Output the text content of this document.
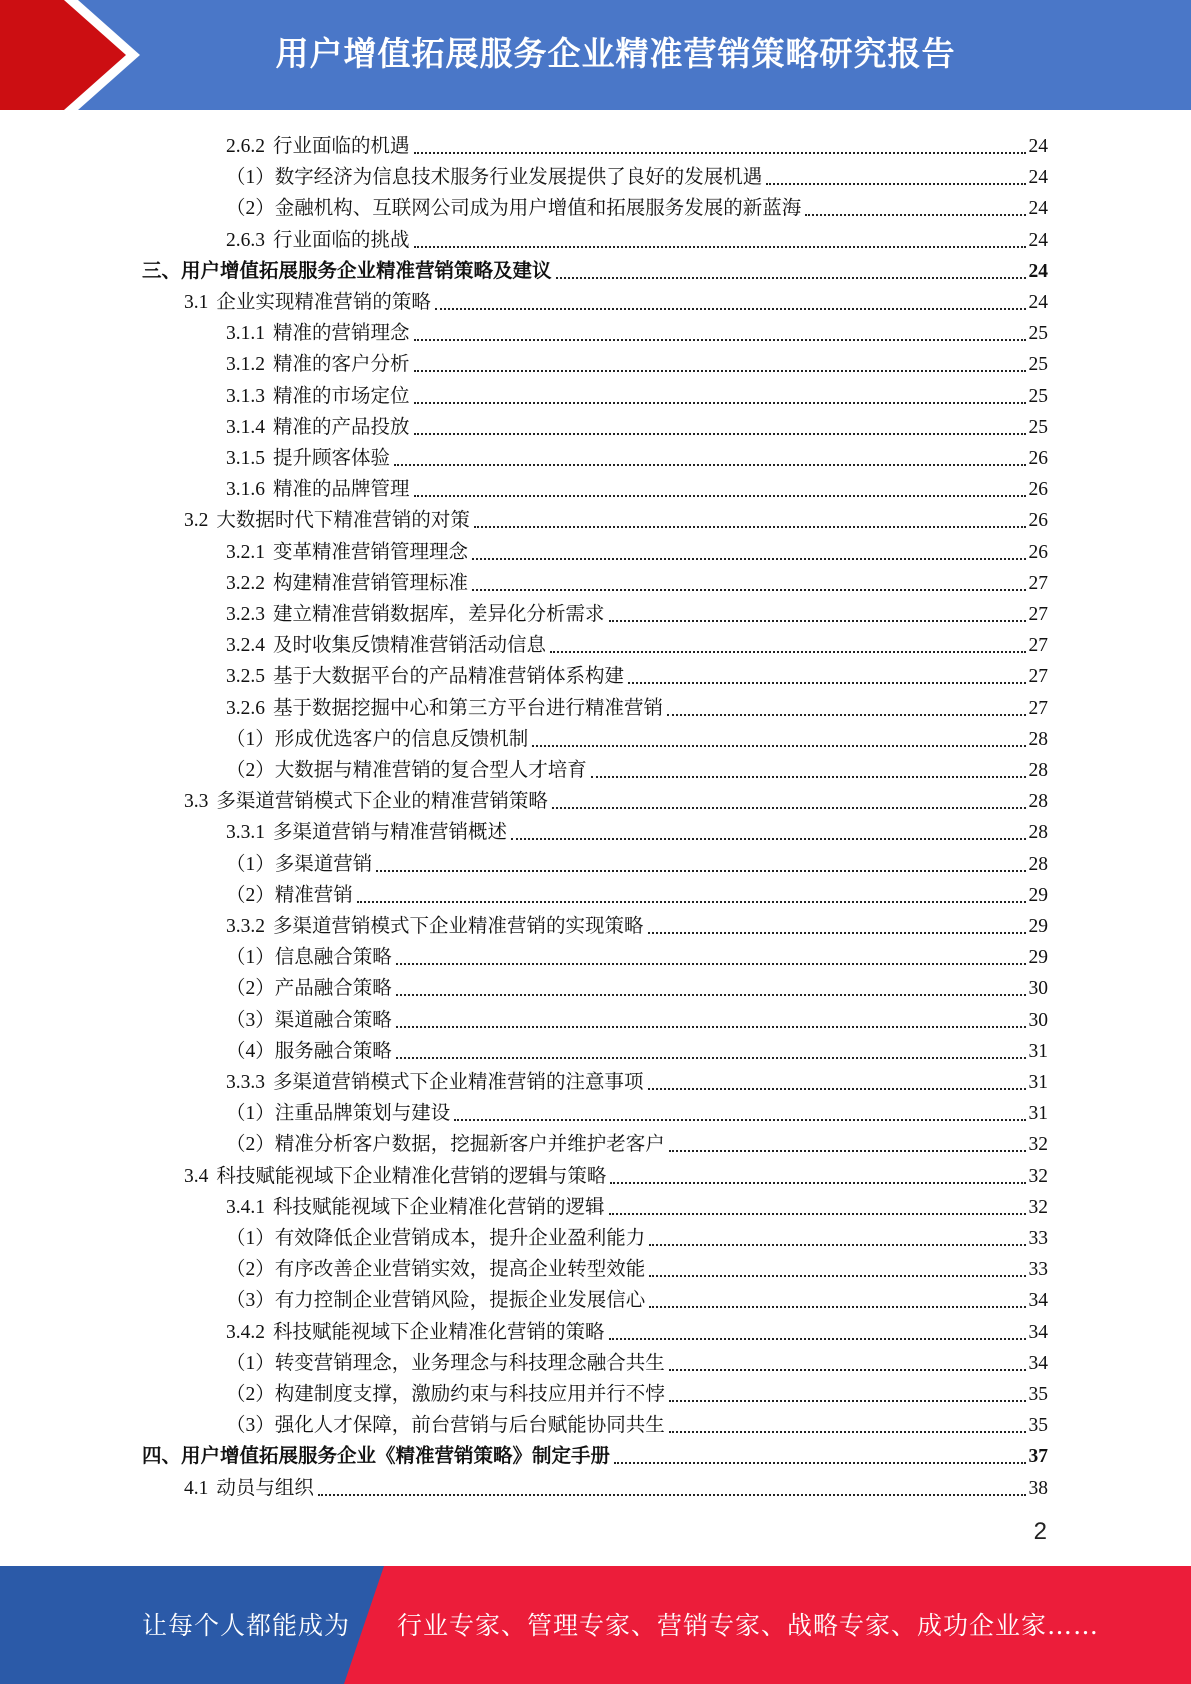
用户增值拓展服务企业精准营销策略研究报告
2.6.2 行业面临的机遇	24
（1） 数字经济为信息技术服务行业发展提供了良好的发展机遇	24
（2） 金融机构、互联网公司成为用户增值和拓展服务发展的新蓝海	24
2.6.3 行业面临的挑战	24
三、 用户增值拓展服务企业精准营销策略及建议	24
3.1 企业实现精准营销的策略	24
3.1.1 精准的营销理念	25
3.1.2 精准的客户分析	25
3.1.3 精准的市场定位	25
3.1.4 精准的产品投放	25
3.1.5 提升顾客体验	26
3.1.6 精准的品牌管理	26
3.2 大数据时代下精准营销的对策	26
3.2.1 变革精准营销管理理念	26
3.2.2 构建精准营销管理标准	27
3.2.3 建立精准营销数据库，差异化分析需求	27
3.2.4 及时收集反馈精准营销活动信息	27
3.2.5 基于大数据平台的产品精准营销体系构建	27
3.2.6 基于数据挖掘中心和第三方平台进行精准营销	27
（1） 形成优选客户的信息反馈机制	28
（2） 大数据与精准营销的复合型人才培育	28
3.3 多渠道营销模式下企业的精准营销策略	28
3.3.1 多渠道营销与精准营销概述	28
（1） 多渠道营销	28
（2） 精准营销	29
3.3.2 多渠道营销模式下企业精准营销的实现策略	29
（1） 信息融合策略	29
（2） 产品融合策略	30
（3） 渠道融合策略	30
（4） 服务融合策略	31
3.3.3 多渠道营销模式下企业精准营销的注意事项	31
（1） 注重品牌策划与建设	31
（2） 精准分析客户数据，挖掘新客户并维护老客户	32
3.4 科技赋能视域下企业精准化营销的逻辑与策略	32
3.4.1 科技赋能视域下企业精准化营销的逻辑	32
（1） 有效降低企业营销成本，提升企业盈利能力	33
（2） 有序改善企业营销实效，提高企业转型效能	33
（3） 有力控制企业营销风险，提振企业发展信心	34
3.4.2 科技赋能视域下企业精准化营销的策略	34
（1） 转变营销理念，业务理念与科技理念融合共生	34
（2） 构建制度支撑，激励约束与科技应用并行不悖	35
（3） 强化人才保障，前台营销与后台赋能协同共生	35
四、 用户增值拓展服务企业《精准营销策略》制定手册	37
4.1 动员与组织	38
2
让每个人都能成为 行业专家、管理专家、营销专家、战略专家、成功企业家……
